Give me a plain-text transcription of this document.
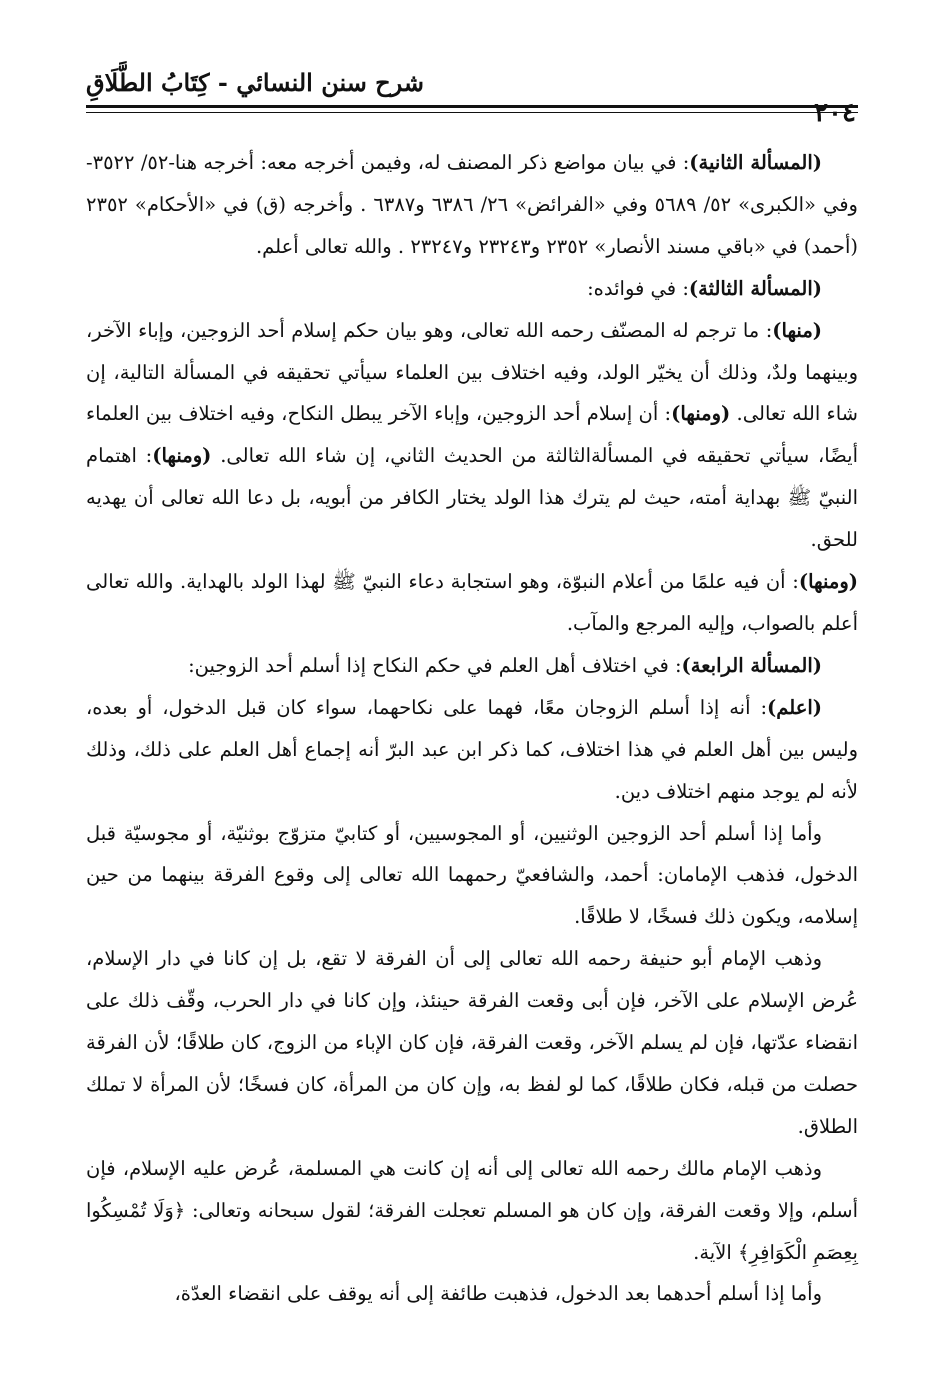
شرح سنن النسائي - كِتَابُ الطَّلَاقِ
٢٠٤

( المسألة الثانية ): في بيان مواضع ذكر المصنف له، وفيمن أخرجه معه: أخرجه هنا-٥٢/ ٣٥٢٢- وفي «الكبرى» ٥٢/ ٥٦٨٩ وفي «الفرائض» ٢٦/ ٦٣٨٦ و٦٣٨٧ . وأخرجه (ق) في «الأحكام» ٢٣٥٢ (أحمد) في «باقي مسند الأنصار» ٢٣٥٢ و٢٣٢٤٣ و٢٣٢٤٧ . والله تعالى أعلم.

( المسألة الثالثة ): في فوائده:

( منها ): ما ترجم له المصنّف رحمه الله تعالى، وهو بيان حكم إسلام أحد الزوجين، وإباء الآخر، وبينهما ولدٌ، وذلك أن يخيّر الولد، وفيه اختلاف بين العلماء سيأتي تحقيقه في المسألة التالية، إن شاء الله تعالى. ( ومنها ): أن إسلام أحد الزوجين، وإباء الآخر يبطل النكاح، وفيه اختلاف بين العلماء أيضًا، سيأتي تحقيقه في المسألةالثالثة من الحديث الثاني، إن شاء الله تعالى. ( ومنها ): اهتمام النبيّ ﷺ بهداية أمته، حيث لم يترك هذا الولد يختار الكافر من أبويه، بل دعا الله تعالى أن يهديه للحق.

( ومنها ): أن فيه علمًا من أعلام النبوّة، وهو استجابة دعاء النبيّ ﷺ لهذا الولد بالهداية. والله تعالى أعلم بالصواب، وإليه المرجع والمآب.

( المسألة الرابعة ): في اختلاف أهل العلم في حكم النكاح إذا أسلم أحد الزوجين:

( اعلم ): أنه إذا أسلم الزوجان معًا، فهما على نكاحهما، سواء كان قبل الدخول، أو بعده، وليس بين أهل العلم في هذا اختلاف، كما ذكر ابن عبد البرّ أنه إجماع أهل العلم على ذلك، وذلك لأنه لم يوجد منهم اختلاف دين.

وأما إذا أسلم أحد الزوجين الوثنيين، أو المجوسيين، أو كتابيّ متزوّج بوثنيّة، أو مجوسيّة قبل الدخول، فذهب الإمامان: أحمد، والشافعيّ رحمهما الله تعالى إلى وقوع الفرقة بينهما من حين إسلامه، ويكون ذلك فسخًا، لا طلاقًا.

وذهب الإمام أبو حنيفة رحمه الله تعالى إلى أن الفرقة لا تقع، بل إن كانا في دار الإسلام، عُرض الإسلام على الآخر، فإن أبى وقعت الفرقة حينئذ، وإن كانا في دار الحرب، وقّف ذلك على انقضاء عدّتها، فإن لم يسلم الآخر، وقعت الفرقة، فإن كان الإباء من الزوج، كان طلاقًا؛ لأن الفرقة حصلت من قبله، فكان طلاقًا، كما لو لفظ به، وإن كان من المرأة، كان فسخًا؛ لأن المرأة لا تملك الطلاق.

وذهب الإمام مالك رحمه الله تعالى إلى أنه إن كانت هي المسلمة، عُرض عليه الإسلام، فإن أسلم، وإلا وقعت الفرقة، وإن كان هو المسلم تعجلت الفرقة؛ لقول سبحانه وتعالى: ﴿وَلَا تُمْسِكُوا بِعِصَمِ الْكَوَافِرِ﴾ الآية.

وأما إذا أسلم أحدهما بعد الدخول، فذهبت طائفة إلى أنه يوقف على انقضاء العدّة،
